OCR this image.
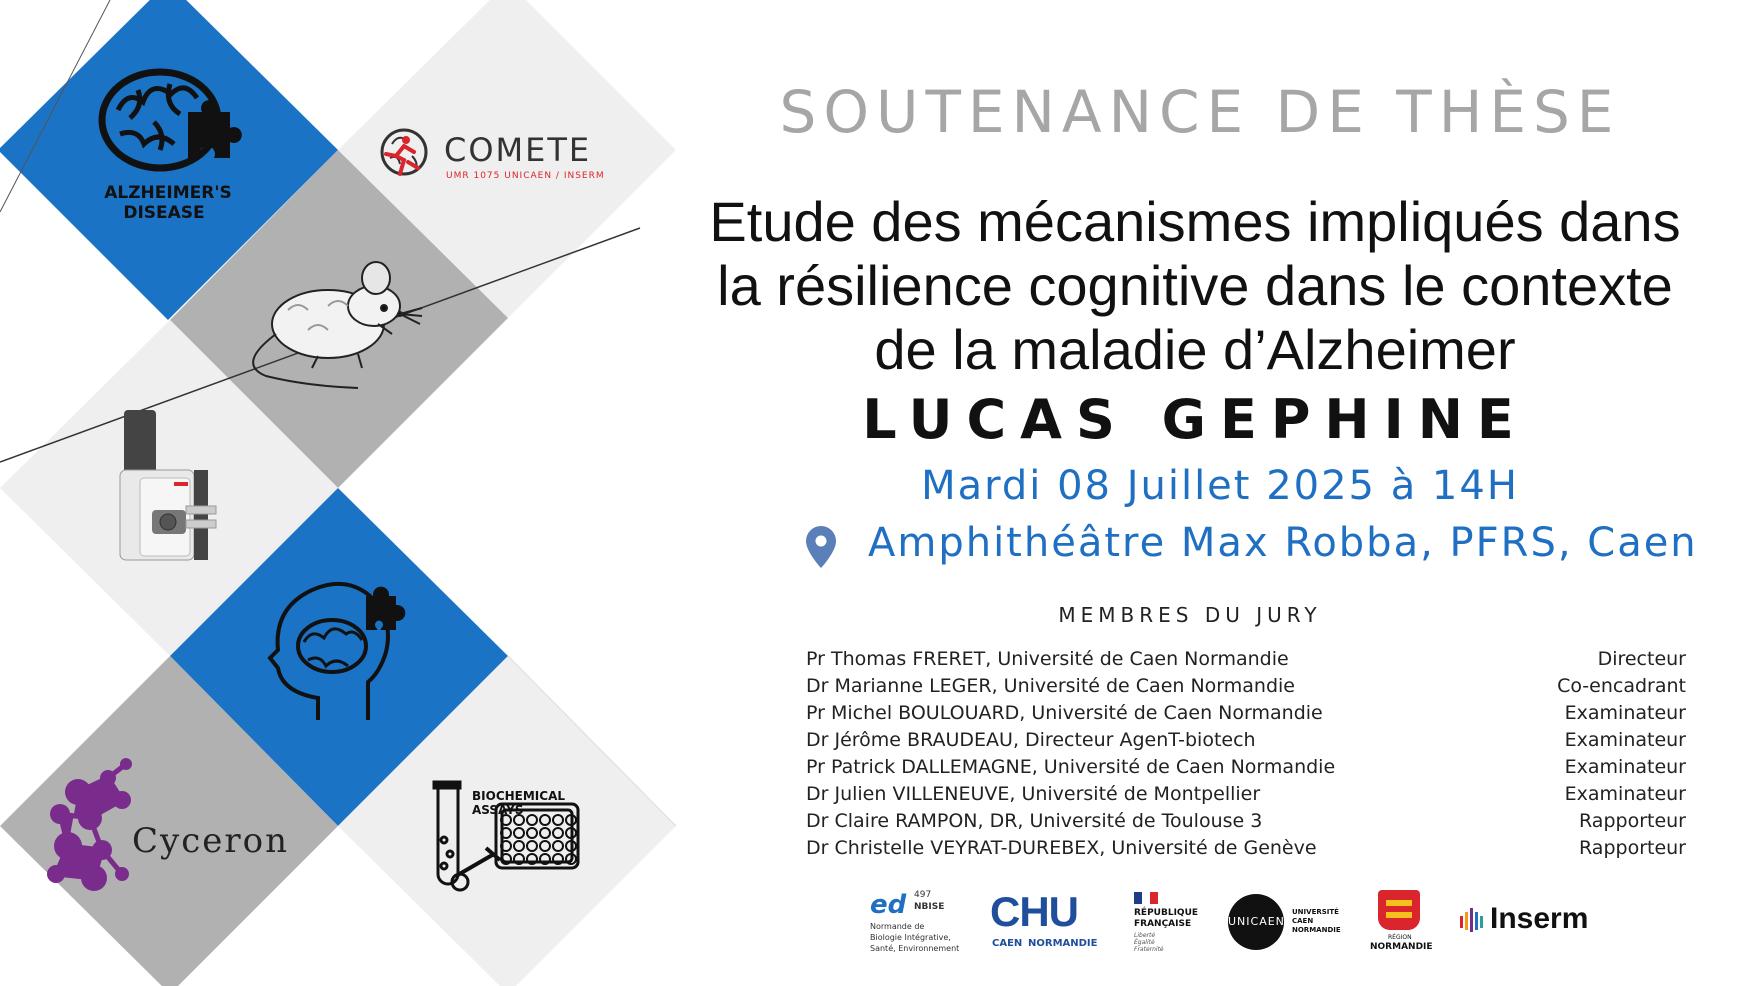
ALZHEIMER'S
DISEASE
COMETE
UMR 1075 UNICAEN / INSERM
Cyceron
BIOCHEMICAL
ASSAYS
SOUTENANCE DE THÈSE
Etude des mécanismes impliqués dans
la résilience cognitive dans le contexte
de la maladie d’Alzheimer
LUCAS GEPHINE
Mardi 08 Juillet 2025 à 14H
Amphithéâtre Max Robba, PFRS, Caen
MEMBRES DU JURY
Pr Thomas FRERET, Université de Caen Normandie	Directeur
Dr Marianne LEGER, Université de Caen Normandie	Co-encadrant
Pr Michel BOULOUARD, Université de Caen Normandie	Examinateur
Dr Jérôme BRAUDEAU, Directeur AgenT-biotech	Examinateur
Pr Patrick DALLEMAGNE, Université de Caen Normandie	Examinateur
Dr Julien VILLENEUVE, Université de Montpellier	Examinateur
Dr Claire RAMPON, DR, Université de Toulouse 3	Rapporteur
Dr Christelle VEYRAT-DUREBEX, Université de Genève	Rapporteur
ed 497
NBISE
Normande de
Biologie Intégrative,
Santé, Environnement
CHU
CAEN NORMANDIE
RÉPUBLIQUE
FRANÇAISE
Liberté
Égalité
Fraternité
UNICAEN
UNIVERSITÉ
CAEN
NORMANDIE
RÉGION
NORMANDIE
Inserm
